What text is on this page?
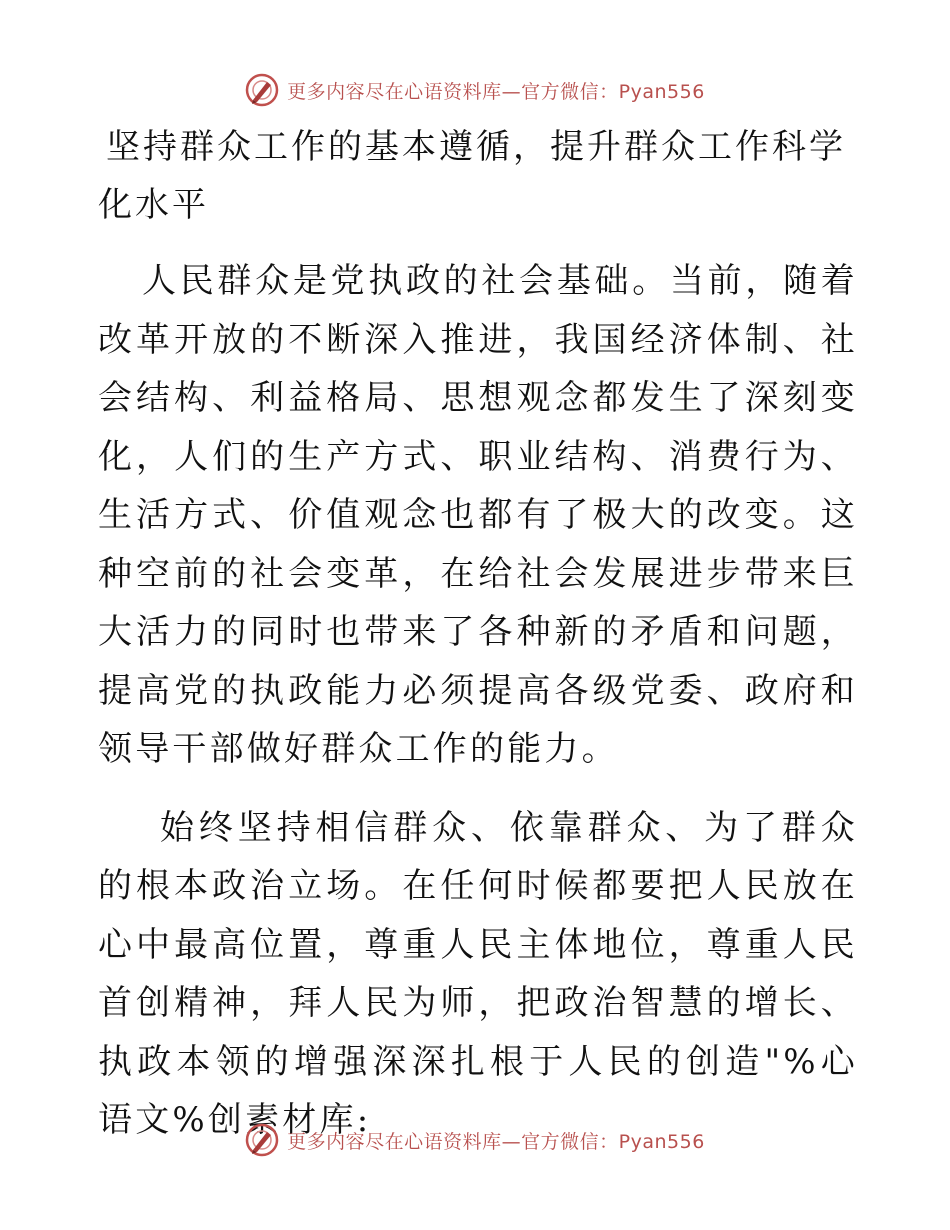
更多内容尽在心语资料库—官方微信：Pyan556
坚持群众工作的基本遵循，提升群众工作科学化水平

人民群众是党执政的社会基础。当前，随着改革开放的不断深入推进，我国经济体制、社会结构、利益格局、思想观念都发生了深刻变化，人们的生产方式、职业结构、消费行为、生活方式、价值观念也都有了极大的改变。这种空前的社会变革，在给社会发展进步带来巨大活力的同时也带来了各种新的矛盾和问题，提高党的执政能力必须提高各级党委、政府和领导干部做好群众工作的能力。

始终坚持相信群众、依靠群众、为了群众的根本政治立场。在任何时候都要把人民放在心中最高位置，尊重人民主体地位，尊重人民首创精神，拜人民为师，把政治智慧的增长、执政本领的增强深深扎根于人民的创造"%心语文%创素材库:

更多内容尽在心语资料库—官方微信：Pyan556
